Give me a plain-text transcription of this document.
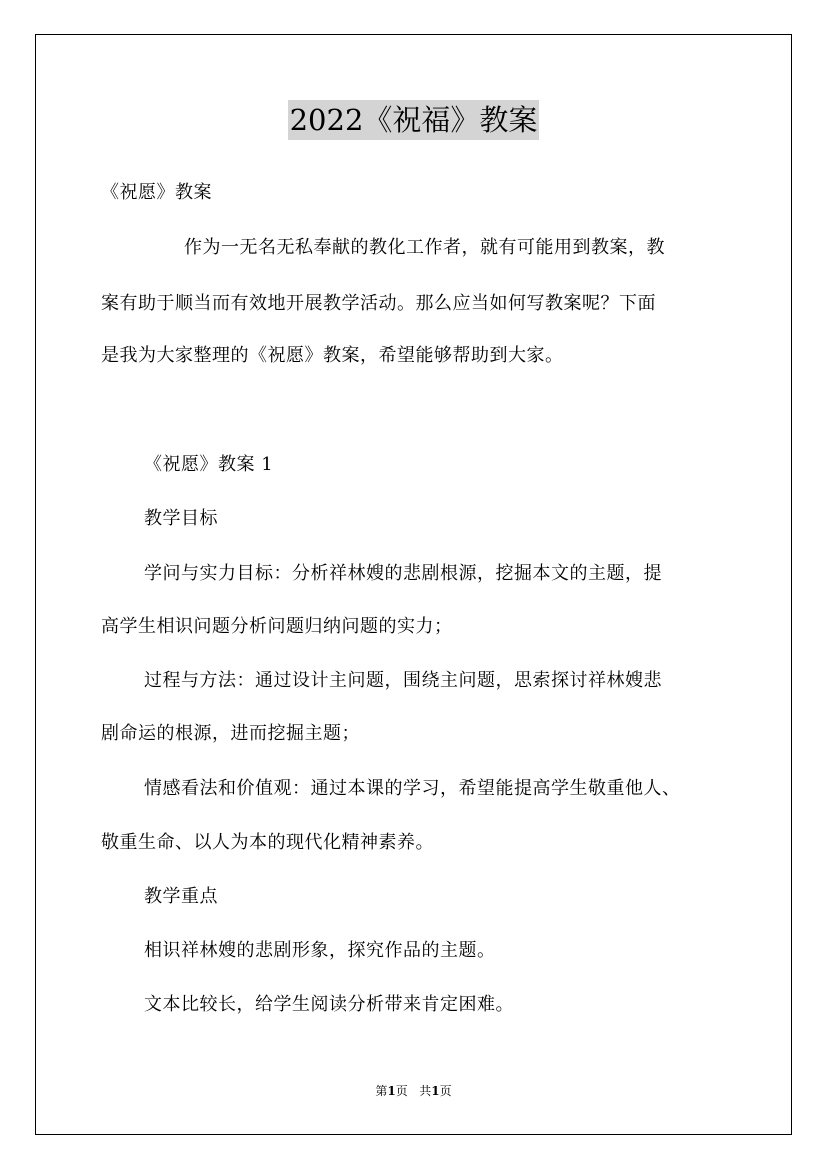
2022《祝福》教案
《祝愿》教案
作为一无名无私奉献的教化工作者，就有可能用到教案，教
案有助于顺当而有效地开展教学活动。那么应当如何写教案呢？下面
是我为大家整理的《祝愿》教案，希望能够帮助到大家。
《祝愿》教案 1
教学目标
学问与实力目标：分析祥林嫂的悲剧根源，挖掘本文的主题，提
高学生相识问题分析问题归纳问题的实力；
过程与方法：通过设计主问题，围绕主问题，思索探讨祥林嫂悲
剧命运的根源，进而挖掘主题；
情感看法和价值观：通过本课的学习，希望能提高学生敬重他人、
敬重生命、以人为本的现代化精神素养。
教学重点
相识祥林嫂的悲剧形象，探究作品的主题。
文本比较长，给学生阅读分析带来肯定困难。
第1页 共1页
